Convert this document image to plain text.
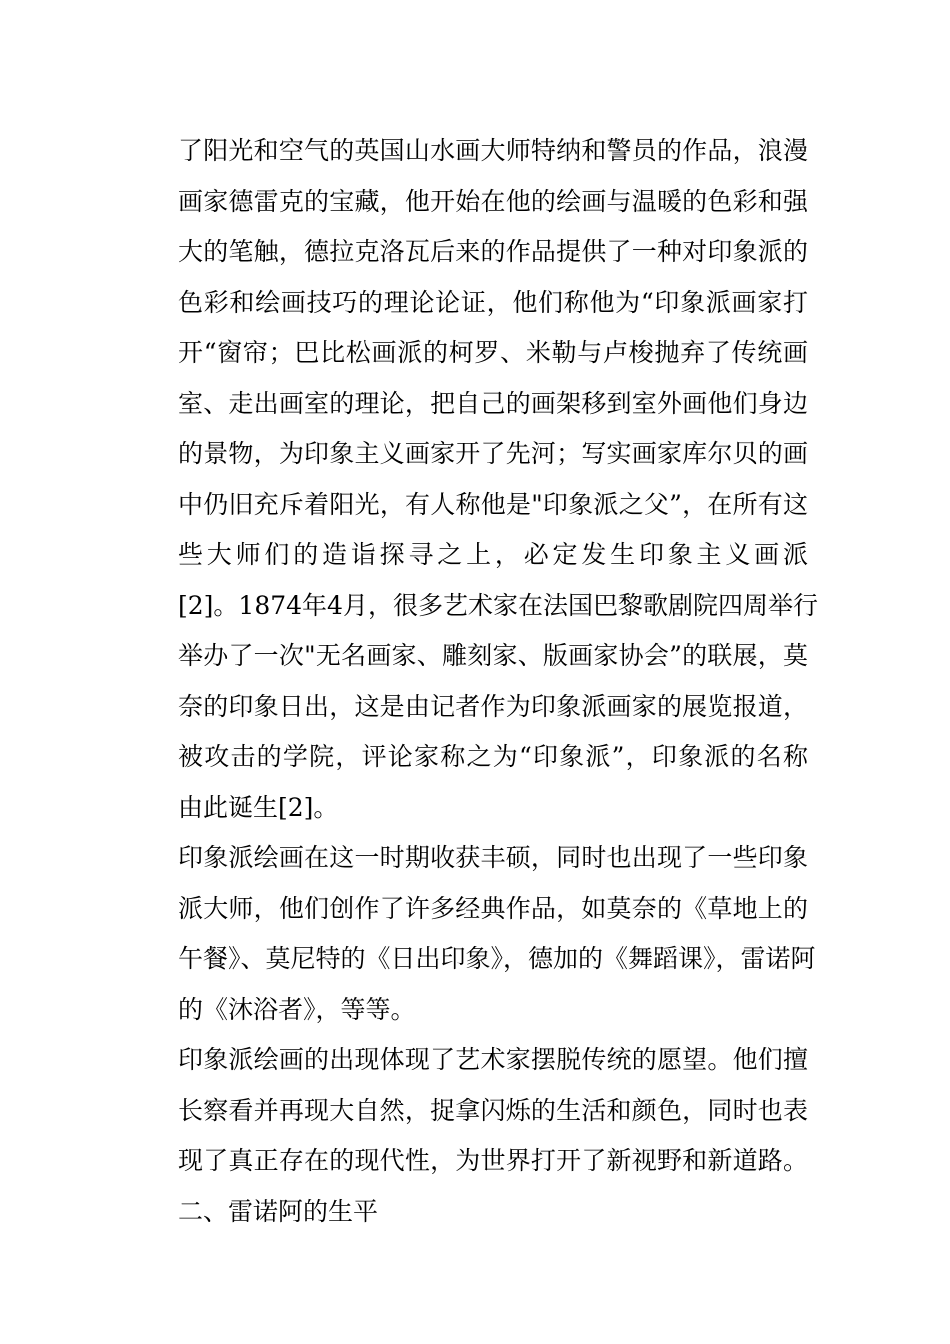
了阳光和空气的英国山水画大师特纳和警员的作品，浪漫
画家德雷克的宝藏，他开始在他的绘画与温暖的色彩和强
大的笔触，德拉克洛瓦后来的作品提供了一种对印象派的
色彩和绘画技巧的理论论证，他们称他为“印象派画家打
开“窗帘；巴比松画派的柯罗、米勒与卢梭抛弃了传统画
室、走出画室的理论，把自己的画架移到室外画他们身边
的景物，为印象主义画家开了先河；写实画家库尔贝的画
中仍旧充斥着阳光，有人称他是"印象派之父”，在所有这
些大师们的造诣探寻之上，必定发生印象主义画派
[2]。1874年4月，很多艺术家在法国巴黎歌剧院四周举行
举办了一次"无名画家、雕刻家、版画家协会”的联展，莫
奈的印象日出，这是由记者作为印象派画家的展览报道，
被攻击的学院，评论家称之为“印象派”，印象派的名称
由此诞生[2]。
印象派绘画在这一时期收获丰硕，同时也出现了一些印象
派大师，他们创作了许多经典作品，如莫奈的《草地上的
午餐》、莫尼特的《日出印象》，德加的《舞蹈课》，雷诺阿
的《沐浴者》，等等。
印象派绘画的出现体现了艺术家摆脱传统的愿望。他们擅
长察看并再现大自然，捉拿闪烁的生活和颜色，同时也表
现了真正存在的现代性，为世界打开了新视野和新道路。
二、雷诺阿的生平
